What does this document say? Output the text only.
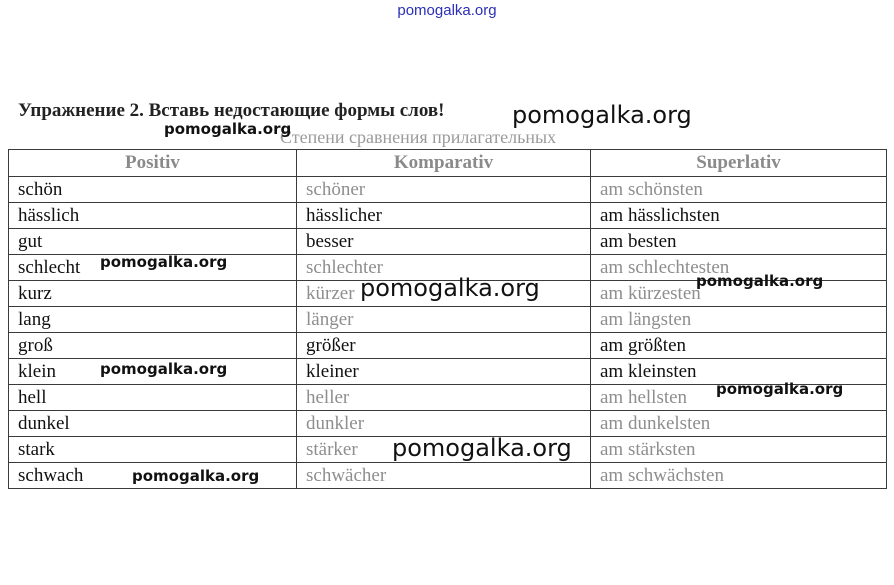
pomogalka.org
Упражнение 2. Вставь недостающие формы слов!
Степени сравнения прилагательных
Positiv	Komparativ	Superlativ
schön	schöner	am schönsten
hässlich	hässlicher	am hässlichsten
gut	besser	am besten
schlecht	schlechter	am schlechtesten
kurz	kürzer	am kürzesten
lang	länger	am längsten
groß	größer	am größten
klein	kleiner	am kleinsten
hell	heller	am hellsten
dunkel	dunkler	am dunkelsten
stark	stärker	am stärksten
schwach	schwächer	am schwächsten
pomogalka.org
pomogalka.org
pomogalka.org
pomogalka.org	pomogalka.org
pomogalka.org
pomogalka.org
pomogalka.org
pomogalka.org
